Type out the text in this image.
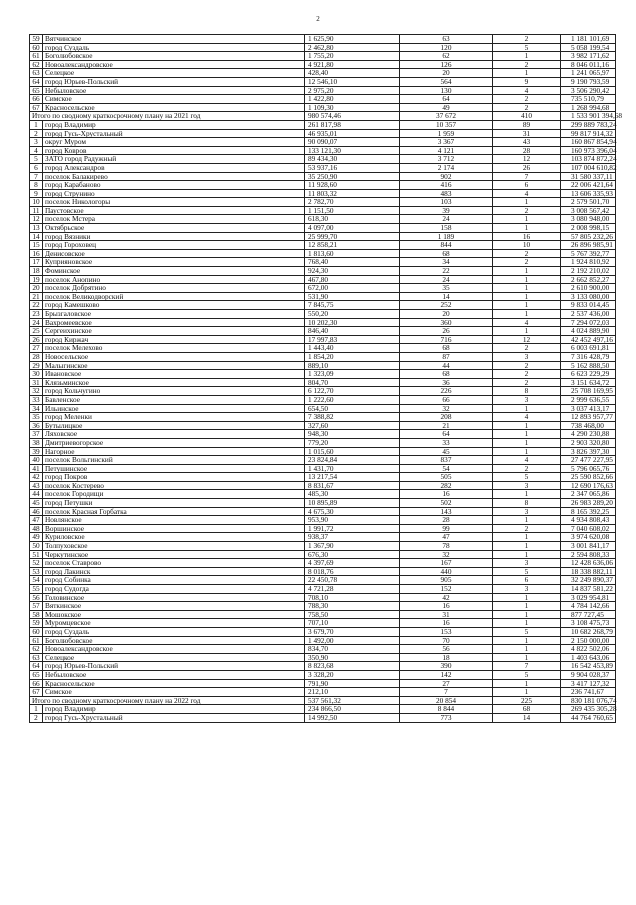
2
59	Вятчинское	1 625,90	63	2	1 181 101,69
60	город Суздаль	2 462,80	120	5	5 058 199,54
61	Боголюбовское	1 755,20	62	1	3 982 171,62
62	Новоалександровское	4 921,80	126	2	8 046 011,16
63	Селецкое	428,40	20	1	1 241 065,97
64	город Юрьев-Польский	12 546,10	564	9	9 190 793,59
65	Небыловское	2 975,20	130	4	3 506 290,42
66	Симское	1 422,80	64	2	735 510,79
67	Красносельское	1 109,30	49	2	1 268 994,68
Итого по сводному краткосрочному плану на 2021 год		980 574,46	37 672	410	1 533 901 394,68
1	город Владимир	261 817,98	10 357	89	299 889 783,24
2	город Гусь-Хрустальный	46 935,01	1 959	31	99 817 914,32
3	округ Муром	90 090,07	3 367	43	160 867 854,94
4	город Ковров	133 121,30	4 121	28	160 973 396,04
5	ЗАТО город Радужный	89 434,30	3 712	12	103 874 872,24
6	город Александров	53 937,16	2 174	26	107 004 610,82
7	поселок Балакирево	35 250,90	902	7	31 580 337,11
8	город Карабаново	11 928,60	416	6	22 006 421,64
9	город Струнино	11 803,32	483	4	13 606 335,93
10	поселок Никологоры	2 782,70	103	1	2 579 501,70
11	Паустовское	1 151,50	39	2	3 008 567,42
12	поселок Мстера	618,30	24	1	3 080 948,00
13	Октябрьское	4 097,00	158	1	2 008 998,15
14	город Вязники	25 999,70	1 189	16	57 805 232,26
15	город Гороховец	12 858,21	844	10	26 896 985,91
16	Денисовское	1 813,60	68	2	5 767 392,77
17	Куприяновское	768,40	34	2	1 924 810,92
18	Фоминское	924,30	22	1	2 192 210,02
19	поселок Анопино	467,80	24	1	2 662 852,27
20	поселок Добрятино	672,00	35	1	2 610 900,00
21	поселок Великодворский	531,90	14	1	3 133 080,00
22	город Камешково	7 845,75	252	1	9 833 014,45
23	Брызгаловское	550,20	20	1	2 537 436,00
24	Вахромеевское	10 202,30	360	4	7 294 072,03
25	Сергеихинское	846,40	26	1	4 024 889,90
26	город Киржач	17 997,83	716	12	42 452 497,16
27	поселок Мелехово	1 443,40	68	2	6 003 691,81
28	Новосельское	1 854,20	87	3	7 316 428,79
29	Малыгинское	889,10	44	2	5 162 888,50
30	Ивановское	1 323,09	68	2	6 623 229,29
31	Клязьминское	804,70	36	2	3 151 634,72
32	город Кольчугино	6 122,70	226	8	25 708 169,95
33	Бавленское	1 222,60	66	3	2 999 636,55
34	Ильинское	654,50	32	1	3 037 413,17
35	город Меленки	7 388,82	208	4	12 893 957,77
36	Бутылицкое	327,60	21	1	738 468,00
37	Ляховское	948,30	64	1	4 290 230,88
38	Дмитриевогорское	779,20	33	1	2 903 320,80
39	Нагорное	1 015,60	45	1	3 826 397,30
40	поселок Вольгинский	23 824,84	837	4	27 477 227,95
41	Петушинское	1 431,70	54	2	5 796 065,76
42	город Покров	13 217,54	505	5	25 590 852,66
43	поселок Костерево	8 831,67	282	3	12 690 176,63
44	поселок Городищи	485,30	16	1	2 347 065,86
45	город Петушки	10 895,89	502	8	26 983 289,20
46	поселок Красная Горбатка	4 675,30	143	3	8 165 392,25
47	Новлянское	953,90	28	1	4 934 808,43
48	Воршинское	1 991,72	99	2	7 040 608,02
49	Куриловское	938,37	47	1	3 974 620,08
50	Толпуховское	1 367,90	78	1	3 001 841,17
51	Черкутинское	676,30	32	1	2 594 808,33
52	поселок Ставрово	4 397,69	167	3	12 428 636,06
53	город Лакинск	8 018,76	440	5	18 338 882,11
54	город Собинка	22 450,78	905	6	32 249 890,37
55	город Судогда	4 721,28	152	3	14 837 581,22
56	Головинское	708,10	42	1	3 029 954,81
57	Вяткинское	788,30	16	1	4 784 142,66
58	Мошокское	758,50	31	1	877 727,45
59	Муромцевское	707,10	16	1	3 108 475,73
60	город Суздаль	3 679,70	153	5	10 682 268,79
61	Боголюбовское	1 492,00	70	1	2 150 000,00
62	Новоалександровское	834,70	56	1	4 822 502,06
63	Селецкое	350,90	18	1	1 403 643,06
64	город Юрьев-Польский	8 823,68	390	7	16 542 453,89
65	Небыловское	3 328,20	142	5	9 904 028,37
66	Красносельское	791,90	27	1	3 417 127,32
67	Симское	212,10	7	1	236 741,67
Итого по сводному краткосрочному плану на 2022 год		537 561,32	20 854	225	830 181 076,74
1	город Владимир	234 866,50	8 844	68	269 435 305,28
2	город Гусь-Хрустальный	14 992,50	773	14	44 764 760,65
